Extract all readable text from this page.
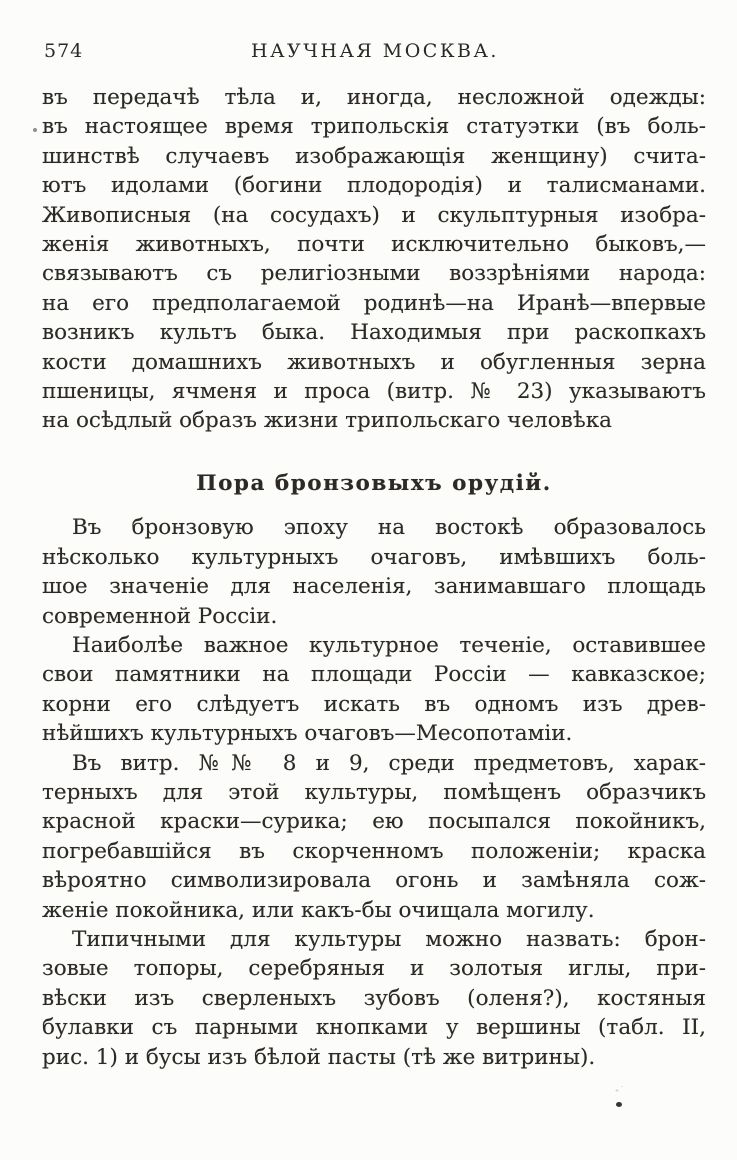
574	НАУЧНАЯ МОСКВА.
въ передачѣ тѣла и, иногда, несложной одежды:
въ настоящее время трипольскія статуэтки (въ боль-
шинствѣ случаевъ изображающія женщину) счита-
ютъ идолами (богини плодородія) и талисманами.
Живописныя (на сосудахъ) и скульптурныя изобра-
женія животныхъ, почти исключительно быковъ,—
связываютъ съ религіозными воззрѣніями народа:
на его предполагаемой родинѣ—на Иранѣ—впервые
возникъ культъ быка. Находимыя при раскопкахъ
кости домашнихъ животныхъ и обугленныя зерна
пшеницы, ячменя и проса (витр. № 23) указываютъ
на осѣдлый образъ жизни трипольскаго человѣка
Пора бронзовыхъ орудій.
Въ бронзовую эпоху на востокѣ образовалось
нѣсколько культурныхъ очаговъ, имѣвшихъ боль-
шое значеніе для населенія, занимавшаго площадь
современной Россіи.
Наиболѣе важное культурное теченіе, оставившее
свои памятники на площади Россіи — кавказское;
корни его слѣдуетъ искать въ одномъ изъ древ-
нѣйшихъ культурныхъ очаговъ—Месопотаміи.
Въ витр. №№ 8 и 9, среди предметовъ, харак-
терныхъ для этой культуры, помѣщенъ образчикъ
красной краски—сурика; ею посыпался покойникъ,
погребавшійся въ скорченномъ положеніи; краска
вѣроятно символизировала огонь и замѣняла сож-
женіе покойника, или какъ-бы очищала могилу.
Типичными для культуры можно назвать: брон-
зовые топоры, серебряныя и золотыя иглы, при-
вѣски изъ сверленыхъ зубовъ (оленя?), костяныя
булавки съ парными кнопками у вершины (табл. II,
рис. 1) и бусы изъ бѣлой пасты (тѣ же витрины).
